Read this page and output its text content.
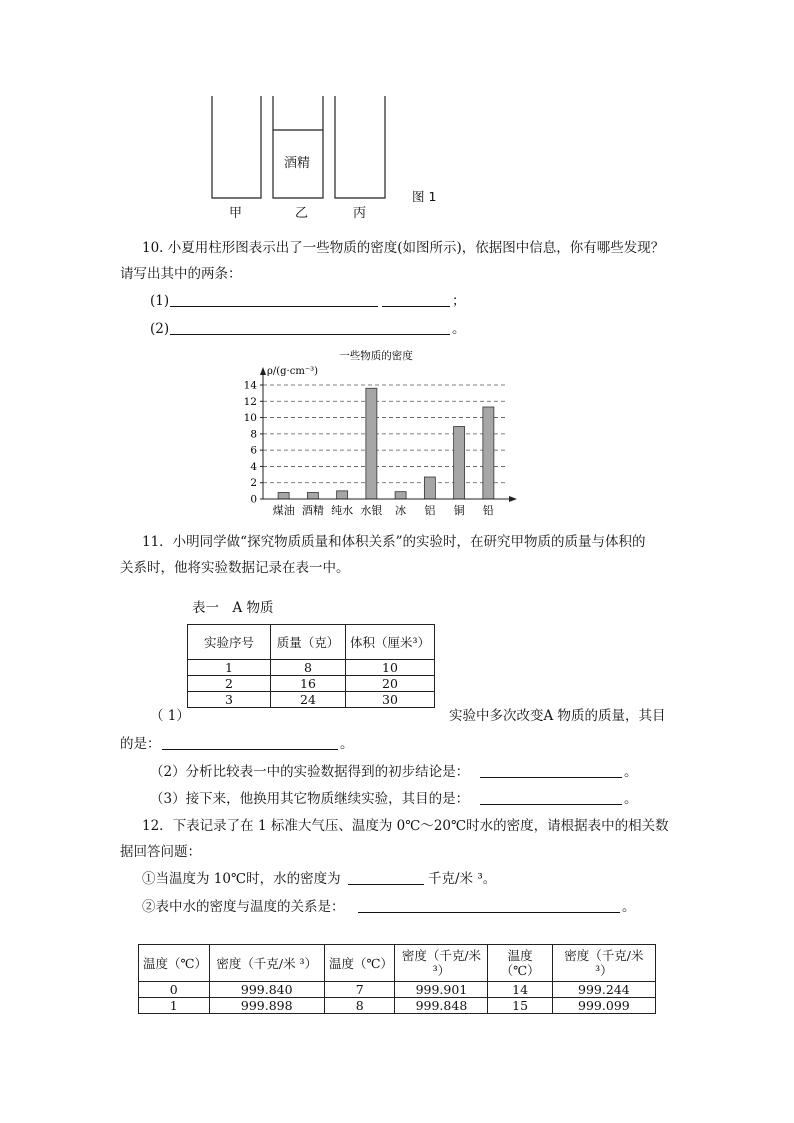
酒精
甲	乙	丙
图 1
10. 小夏用柱形图表示出了一些物质的密度(如图所示)，依据图中信息，你有哪些发现？
请写出其中的两条：
(1)	；
(2)	。
一些物质的密度
ρ/(g·cm⁻³)
0
2
4
6
8
10
12
14
煤油 酒精 纯水 水银 冰 铝 铜 铅
11．小明同学做“探究物质质量和体积关系”的实验时，在研究甲物质的质量与体积的
关系时，他将实验数据记录在表一中。
表一　A 物质
实验序号	质量（克）	体积（厘米³）
1	8	10
2	16	20
3	24	30
（ 1）	实验中多次改变A 物质的质量，其目
的是：	。
（2）分析比较表一中的实验数据得到的初步结论是：	。
（3）接下来，他换用其它物质继续实验，其目的是：	。
12．下表记录了在 1 标准大气压、温度为 0℃～20℃时水的密度，请根据表中的相关数
据回答问题：
①当温度为 10℃时，水的密度为	千克/米 ³。
②表中水的密度与温度的关系是：	。
温度（℃）	密度（千克/米 ³）	温度（℃）	密度（千克/米 ³）	温度（℃）	密度（千克/米 ³）
0	999.840	7	999.901	14	999.244
1	999.898	8	999.848	15	999.099
